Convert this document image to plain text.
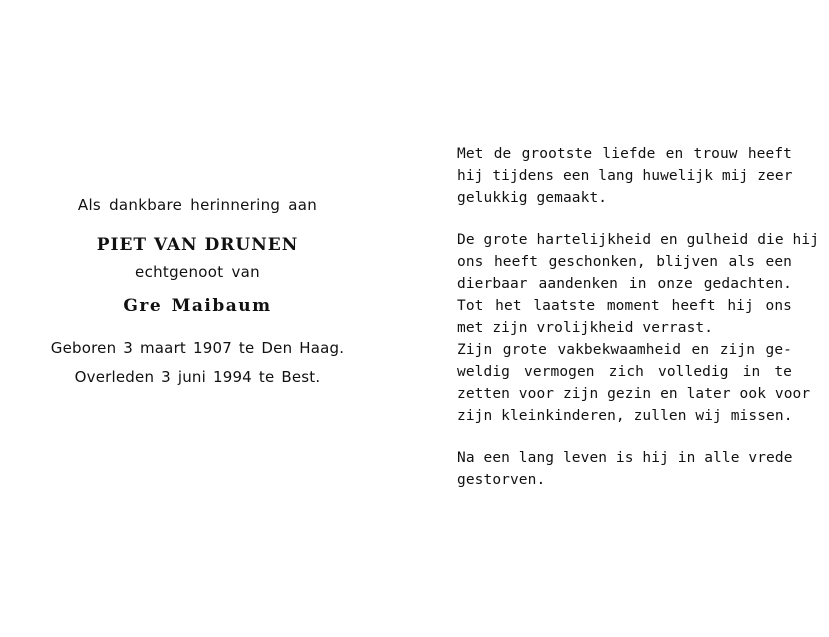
Als dankbare herinnering aan

PIET VAN DRUNEN

echtgenoot van

Gre Maibaum

Geboren 3 maart 1907 te Den Haag.

Overleden 3 juni 1994 te Best.

Met de grootste liefde en trouw heeft
hij tijdens een lang huwelijk mij zeer
gelukkig gemaakt.

De grote hartelijkheid en gulheid die hij
ons heeft geschonken, blijven als een
dierbaar aandenken in onze gedachten.
Tot het laatste moment heeft hij ons
met zijn vrolijkheid verrast.

Zijn grote vakbekwaamheid en zijn ge-
weldig vermogen zich volledig in te
zetten voor zijn gezin en later ook voor
zijn kleinkinderen, zullen wij missen.

Na een lang leven is hij in alle vrede
gestorven.
